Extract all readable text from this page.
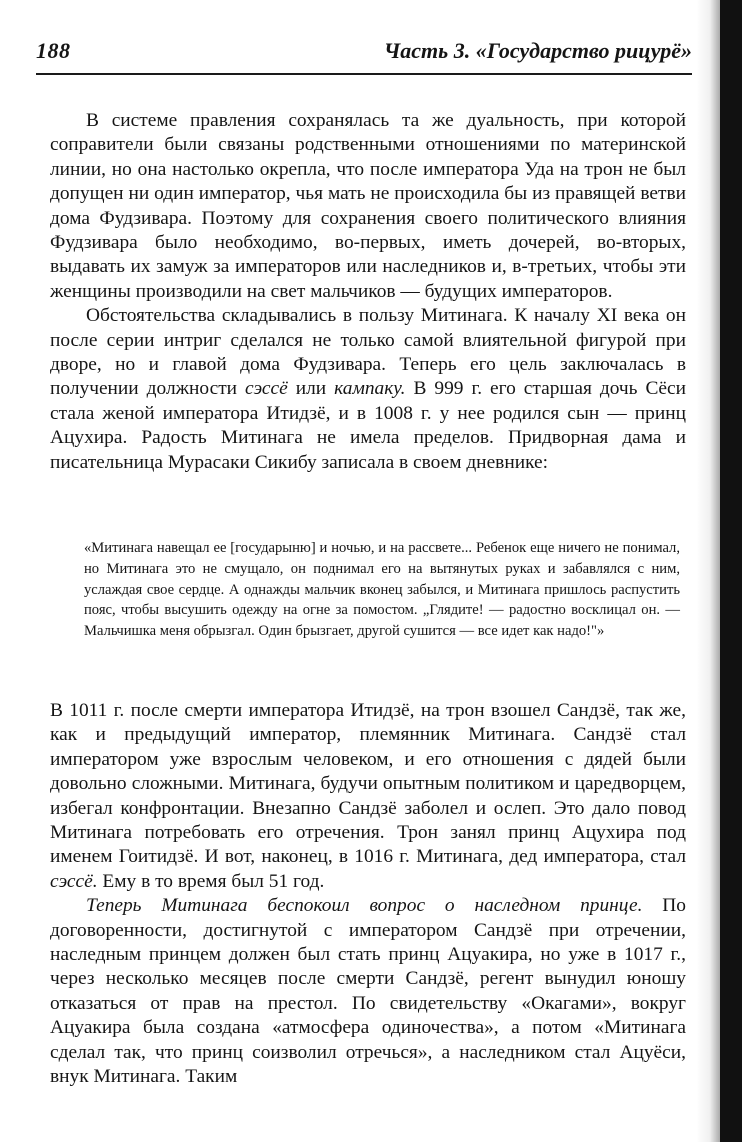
188	Часть 3. «Государство рицурё»

В системе правления сохранялась та же дуальность, при которой соправители были связаны родственными отношениями по материнской линии, но она настолько окрепла, что после императора Уда на трон не был допущен ни один император, чья мать не происходила бы из правящей ветви дома Фудзивара. Поэтому для сохранения своего политического влияния Фудзивара было необходимо, во-первых, иметь дочерей, во-вторых, выдавать их замуж за императоров или наследников и, в-третьих, чтобы эти женщины производили на свет мальчиков — будущих императоров.

Обстоятельства складывались в пользу Митинага. К началу XI века он после серии интриг сделался не только самой влиятельной фигурой при дворе, но и главой дома Фудзивара. Теперь его цель заключалась в получении должности сэссё или кампаку. В 999 г. его старшая дочь Сёси стала женой императора Итидзё, и в 1008 г. у нее родился сын — принц Ацухира. Радость Митинага не имела пределов. Придворная дама и писательница Мурасаки Сикибу записала в своем дневнике:

«Митинага навещал ее [государыню] и ночью, и на рассвете... Ребенок еще ничего не понимал, но Митинага это не смущало, он поднимал его на вытянутых руках и забавлялся с ним, услаждая свое сердце. А однажды мальчик вконец забылся, и Митинага пришлось распустить пояс, чтобы высушить одежду на огне за помостом. „Глядите! — радостно восклицал он. — Мальчишка меня обрызгал. Один брызгает, другой сушится — все идет как надо!"»

В 1011 г. после смерти императора Итидзё, на трон взошел Сандзё, так же, как и предыдущий император, племянник Митинага. Сандзё стал императором уже взрослым человеком, и его отношения с дядей были довольно сложными. Митинага, будучи опытным политиком и царедворцем, избегал конфронтации. Внезапно Сандзё заболел и ослеп. Это дало повод Митинага потребовать его отречения. Трон занял принц Ацухира под именем Гоитидзё. И вот, наконец, в 1016 г. Митинага, дед императора, стал сэссё. Ему в то время был 51 год.

Теперь Митинага беспокоил вопрос о наследном принце. По договоренности, достигнутой с императором Сандзё при отречении, наследным принцем должен был стать принц Ацуакира, но уже в 1017 г., через несколько месяцев после смерти Сандзё, регент вынудил юношу отказаться от прав на престол. По свидетельству «Окагами», вокруг Ацуакира была создана «атмосфера одиночества», а потом «Митинага сделал так, что принц соизволил отречься», а наследником стал Ацуёси, внук Митинага. Таким
